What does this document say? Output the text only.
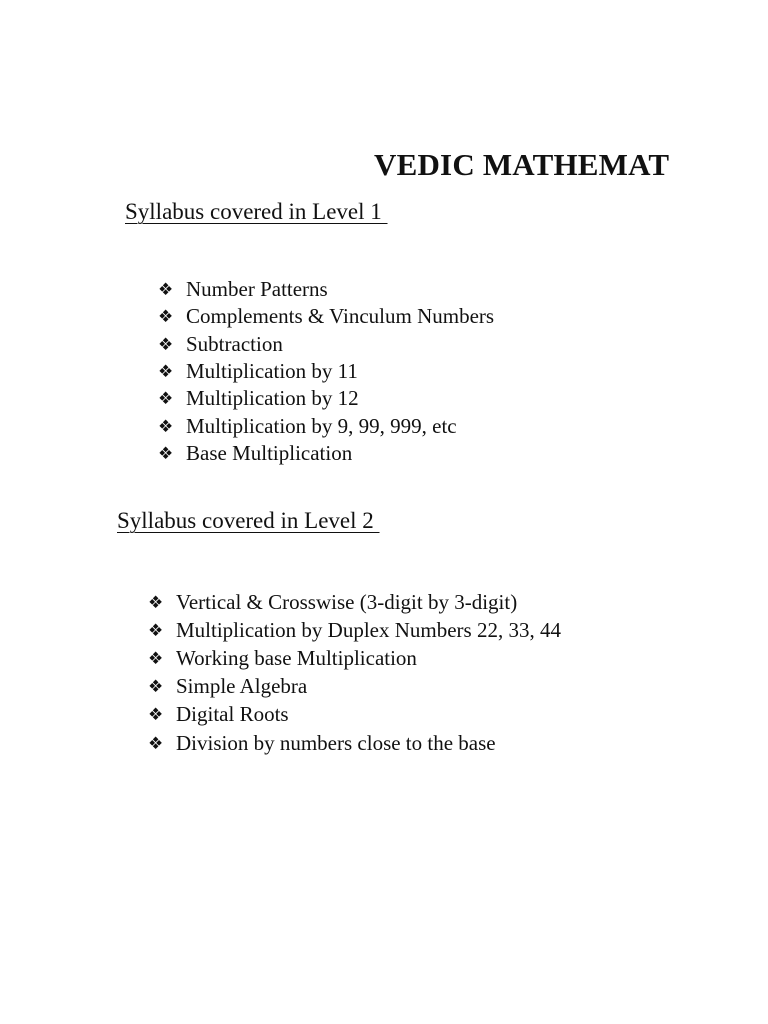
VEDIC MATHEMAT
Syllabus covered in Level 1
❖ Number Patterns
❖ Complements & Vinculum Numbers
❖ Subtraction
❖ Multiplication by 11
❖ Multiplication by 12
❖ Multiplication by 9, 99, 999, etc
❖ Base Multiplication
Syllabus covered in Level 2
❖ Vertical & Crosswise (3-digit by 3-digit)
❖ Multiplication by Duplex Numbers 22, 33, 44
❖ Working base Multiplication
❖ Simple Algebra
❖ Digital Roots
❖ Division by numbers close to the base
